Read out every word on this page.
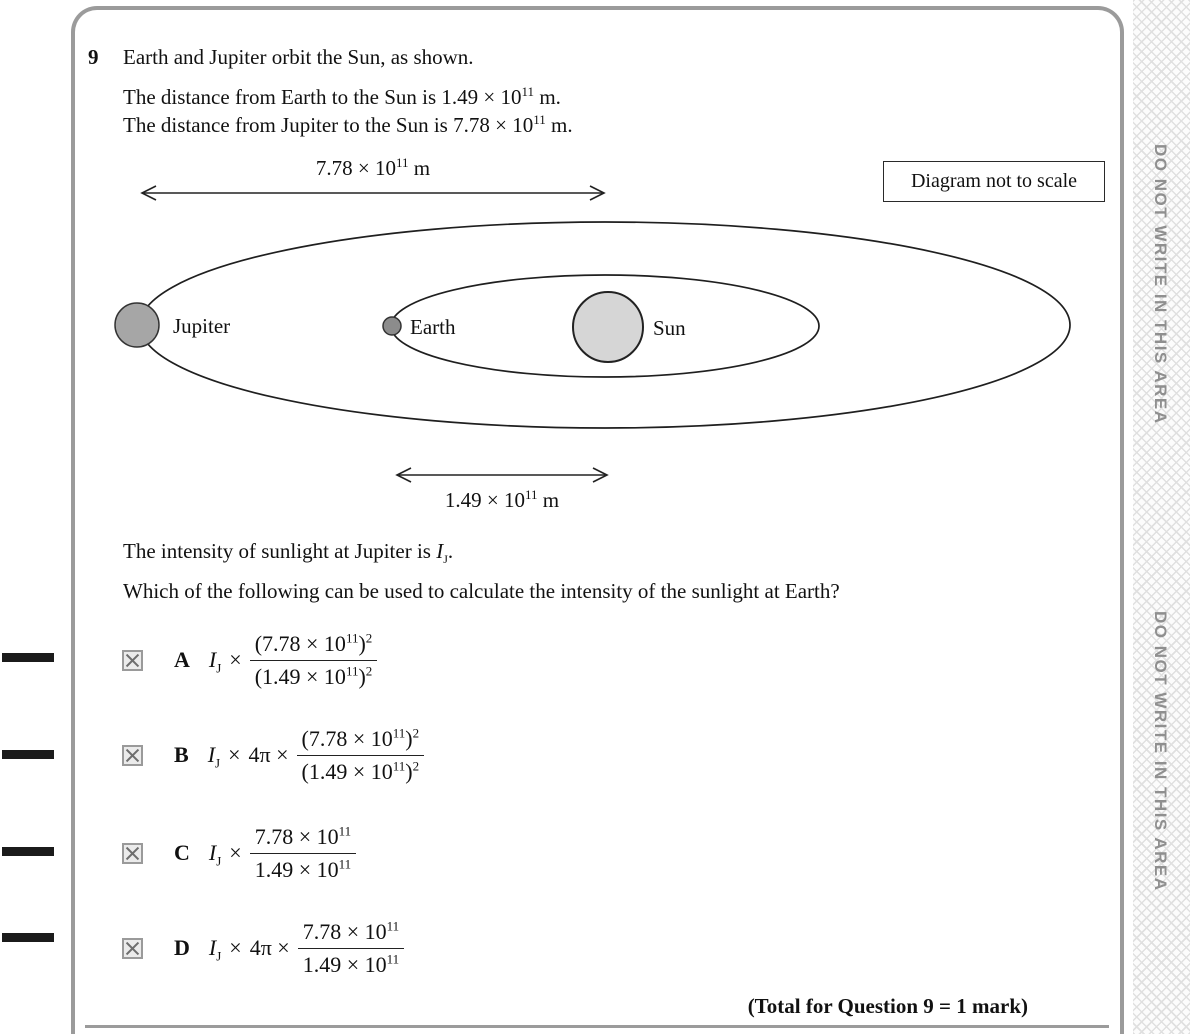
DO NOT WRITE IN THIS AREA
DO NOT WRITE IN THIS AREA
9 Earth and Jupiter orbit the Sun, as shown.
The distance from Earth to the Sun is $1.49 \times 10^{11}$ m.
The distance from Jupiter to the Sun is $7.78 \times 10^{11}$ m.
$7.78 \times 10^{11}$ m
Diagram not to scale
Jupiter	Earth	Sun
$1.49 \times 10^{11}$ m
The intensity of sunlight at Jupiter is $I_J$.
Which of the following can be used to calculate the intensity of the sunlight at Earth?
A $I_J \times \frac{(7.78 \times 10^{11})^2}{(1.49 \times 10^{11})^2}$
B $I_J \times 4\pi \times \frac{(7.78 \times 10^{11})^2}{(1.49 \times 10^{11})^2}$
C $I_J \times \frac{7.78 \times 10^{11}}{1.49 \times 10^{11}}$
D $I_J \times 4\pi \times \frac{7.78 \times 10^{11}}{1.49 \times 10^{11}}$
(Total for Question 9 = 1 mark)
